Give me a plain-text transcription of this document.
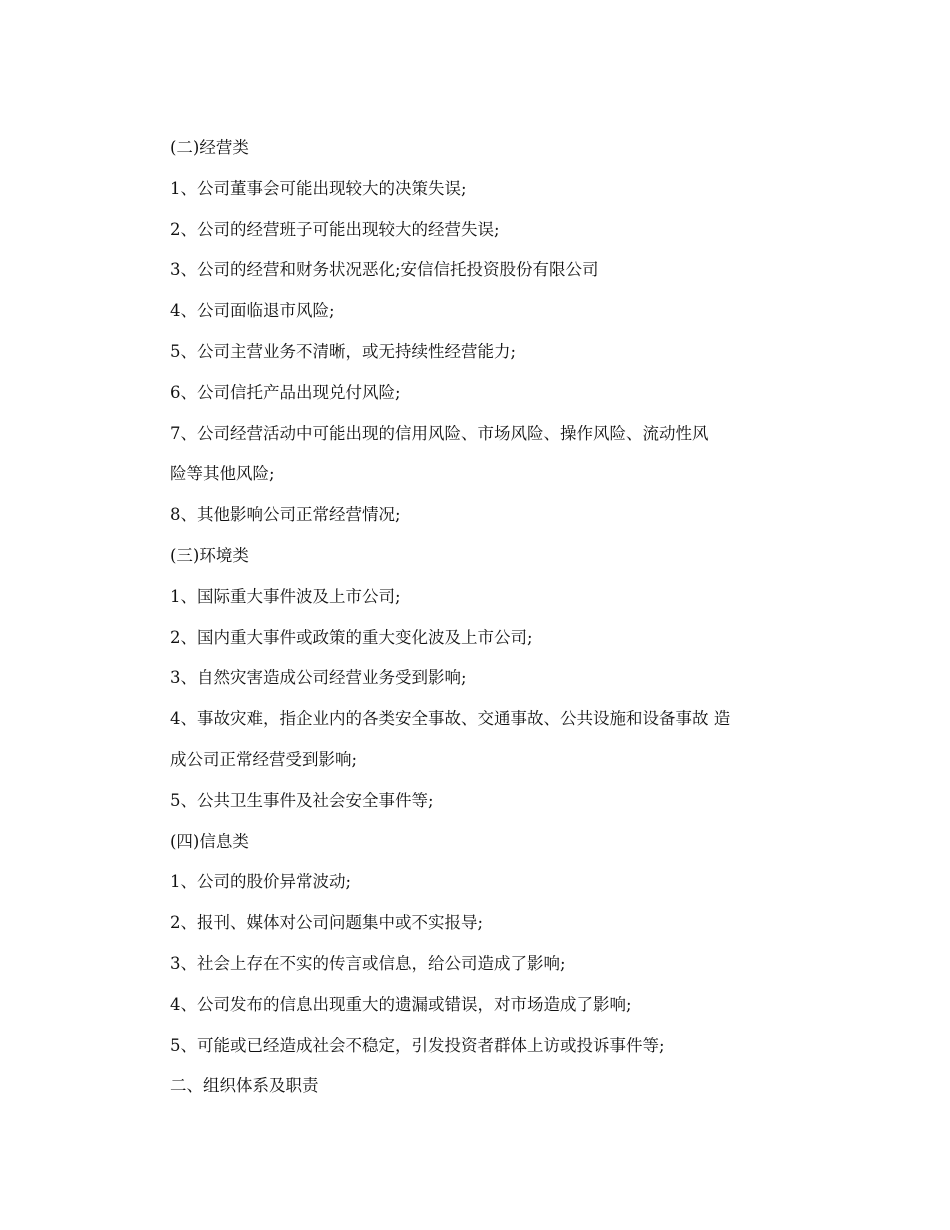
(二)经营类
1、公司董事会可能出现较大的决策失误;
2、公司的经营班子可能出现较大的经营失误;
3、公司的经营和财务状况恶化;安信信托投资股份有限公司
4、公司面临退市风险;
5、公司主营业务不清晰，或无持续性经营能力;
6、公司信托产品出现兑付风险;
7、公司经营活动中可能出现的信用风险、市场风险、操作风险、流动性风
险等其他风险;
8、其他影响公司正常经营情况;
(三)环境类
1、国际重大事件波及上市公司;
2、国内重大事件或政策的重大变化波及上市公司;
3、自然灾害造成公司经营业务受到影响;
4、事故灾难，指企业内的各类安全事故、交通事故、公共设施和设备事故 造
成公司正常经营受到影响;
5、公共卫生事件及社会安全事件等;
(四)信息类
1、公司的股价异常波动;
2、报刊、媒体对公司问题集中或不实报导;
3、社会上存在不实的传言或信息，给公司造成了影响;
4、公司发布的信息出现重大的遗漏或错误，对市场造成了影响;
5、可能或已经造成社会不稳定，引发投资者群体上访或投诉事件等;
二、组织体系及职责
